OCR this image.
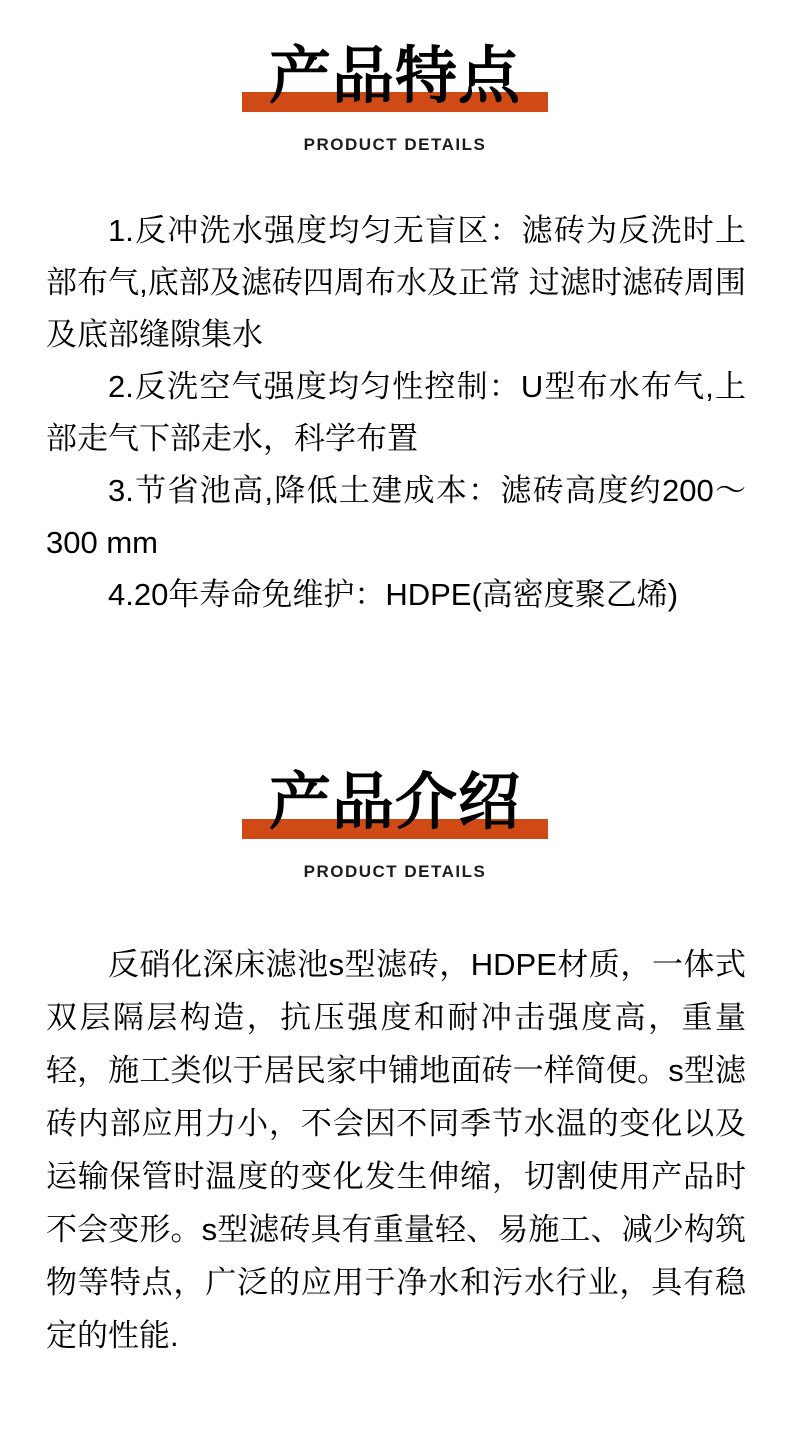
产品特点
PRODUCT DETAILS

1.反冲洗水强度均匀无盲区：滤砖为反洗时上部布气,底部及滤砖四周布水及正常 过滤时滤砖周围及底部缝隙集水

2.反洗空气强度均匀性控制：U型布水布气,上部走气下部走水，科学布置

3.节省池高,降低土建成本：滤砖高度约200～300 mm

4.20年寿命免维护：HDPE(高密度聚乙烯)

产品介绍
PRODUCT DETAILS

反硝化深床滤池s型滤砖，HDPE材质，一体式双层隔层构造，抗压强度和耐冲击强度高，重量轻，施工类似于居民家中铺地面砖一样简便。s型滤砖内部应用力小，不会因不同季节水温的变化以及运输保管时温度的变化发生伸缩，切割使用产品时不会变形。s型滤砖具有重量轻、易施工、减少构筑物等特点，广泛的应用于净水和污水行业，具有稳定的性能.
